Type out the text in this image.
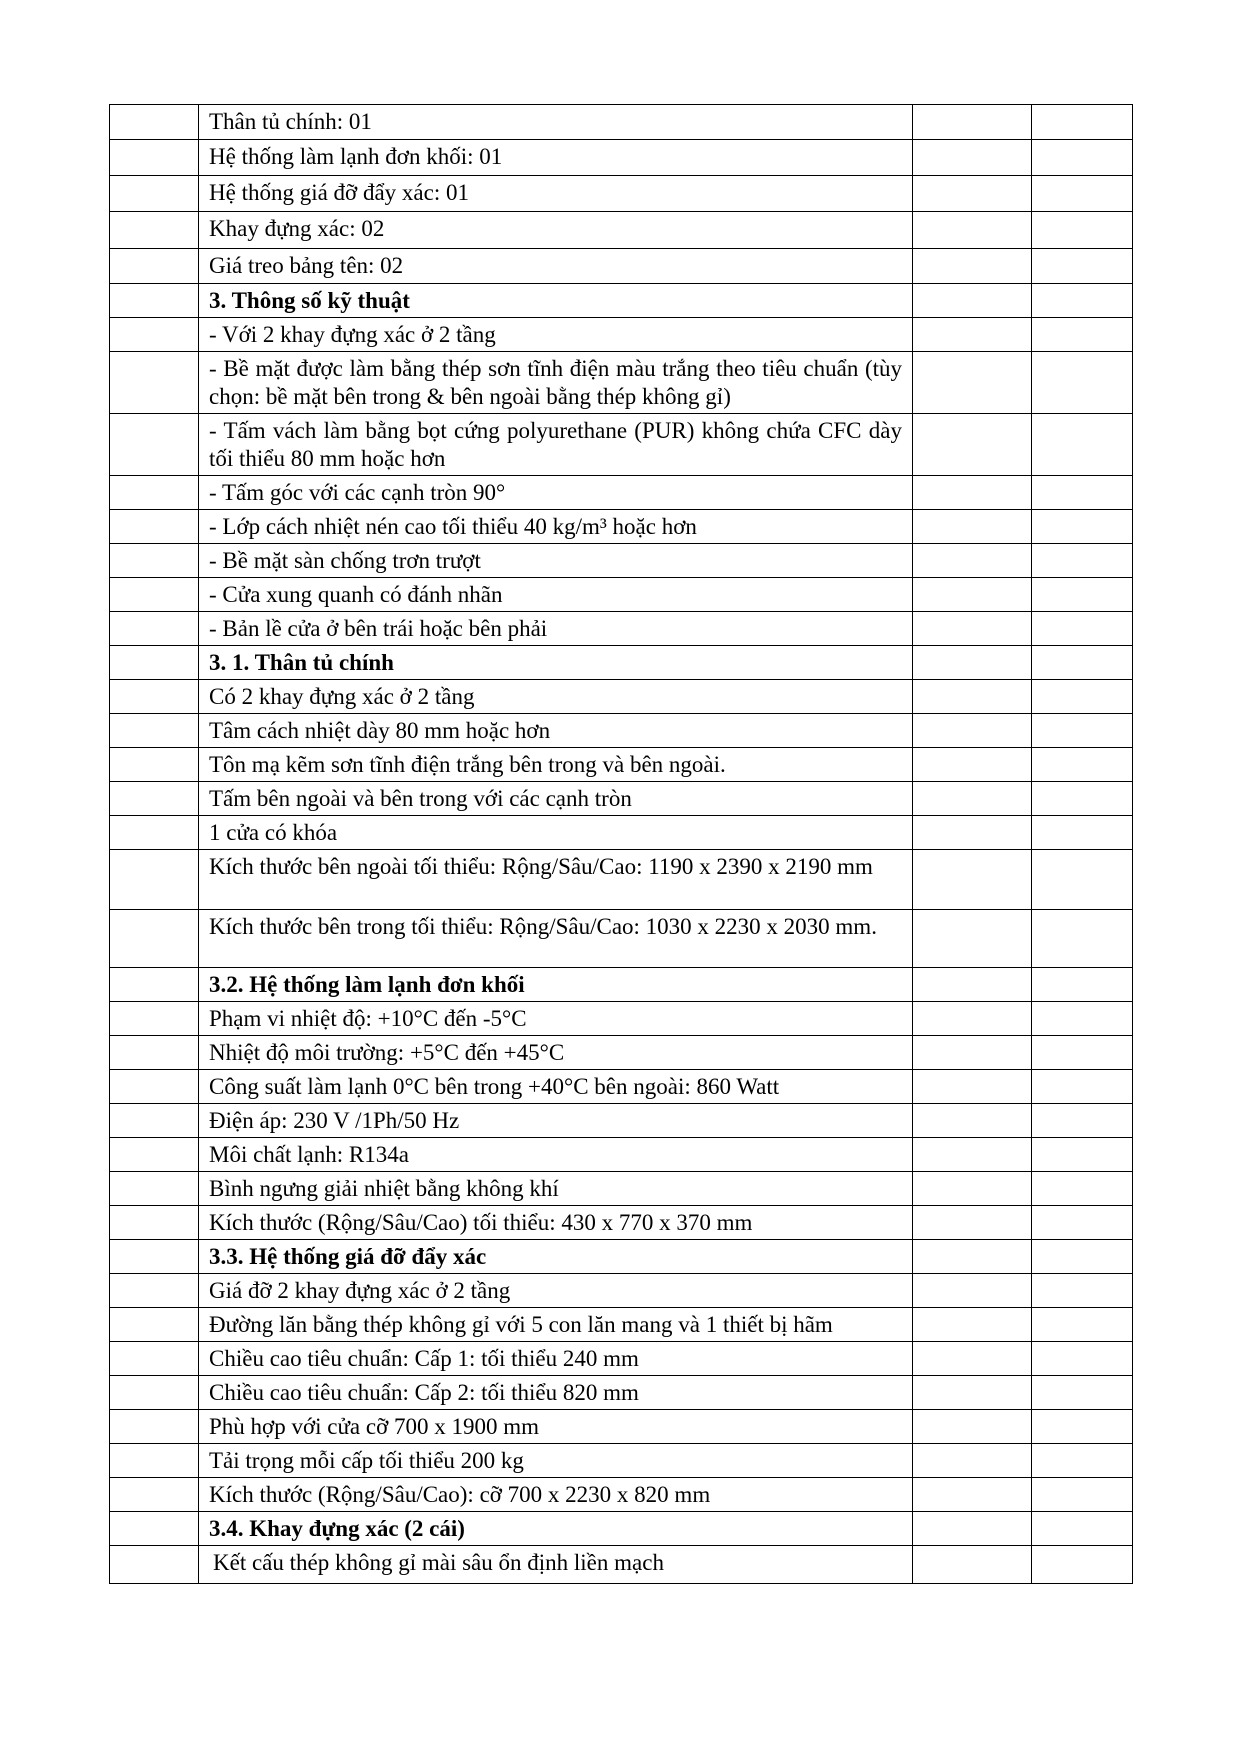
	Thân tủ chính: 01		

	Hệ thống làm lạnh đơn khối: 01		

	Hệ thống giá đỡ đẩy xác: 01		

	Khay đựng xác: 02		

	Giá treo bảng tên: 02		

	3. Thông số kỹ thuật		

	- Với 2 khay đựng xác ở 2 tầng		

	- Bề mặt được làm bằng thép sơn tĩnh điện màu trắng theo tiêu chuẩn (tùy chọn: bề mặt bên trong & bên ngoài bằng thép không gỉ)		

	- Tấm vách làm bằng bọt cứng polyurethane (PUR) không chứa CFC dày tối thiểu 80 mm hoặc hơn		

	- Tấm góc với các cạnh tròn 90°		

	- Lớp cách nhiệt nén cao tối thiểu 40 kg/m³ hoặc hơn		

	- Bề mặt sàn chống trơn trượt		

	- Cửa xung quanh có đánh nhãn		

	- Bản lề cửa ở bên trái hoặc bên phải		

	3. 1. Thân tủ chính		

	Có 2 khay đựng xác ở 2 tầng		

	Tâm cách nhiệt dày 80 mm hoặc hơn		

	Tôn mạ kẽm sơn tĩnh điện trắng bên trong và bên ngoài.		

	Tấm bên ngoài và bên trong với các cạnh tròn		

	1 cửa có khóa		

	Kích thước bên ngoài tối thiểu: Rộng/Sâu/Cao: 1190 x 2390 x 2190 mm		

	Kích thước bên trong tối thiểu: Rộng/Sâu/Cao: 1030 x 2230 x 2030 mm.		

	3.2. Hệ thống làm lạnh đơn khối		

	Phạm vi nhiệt độ: +10°C đến -5°C		

	Nhiệt độ môi trường: +5°C đến +45°C		

	Công suất làm lạnh 0°C bên trong +40°C bên ngoài: 860 Watt		

	Điện áp: 230 V /1Ph/50 Hz		

	Môi chất lạnh: R134a		

	Bình ngưng giải nhiệt bằng không khí		

	Kích thước (Rộng/Sâu/Cao) tối thiểu: 430 x 770 x 370 mm		

	3.3. Hệ thống giá đỡ đẩy xác		

	Giá đỡ 2 khay đựng xác ở 2 tầng		

	Đường lăn bằng thép không gỉ với 5 con lăn mang và 1 thiết bị hãm		

	Chiều cao tiêu chuẩn: Cấp 1: tối thiểu 240 mm		

	Chiều cao tiêu chuẩn: Cấp 2: tối thiểu 820 mm		

	Phù hợp với cửa cỡ 700 x 1900 mm		

	Tải trọng mỗi cấp tối thiểu 200 kg		

	Kích thước (Rộng/Sâu/Cao): cỡ 700 x 2230 x 820 mm		

	3.4. Khay đựng xác (2 cái)		

	Kết cấu thép không gỉ mài sâu ổn định liền mạch		
